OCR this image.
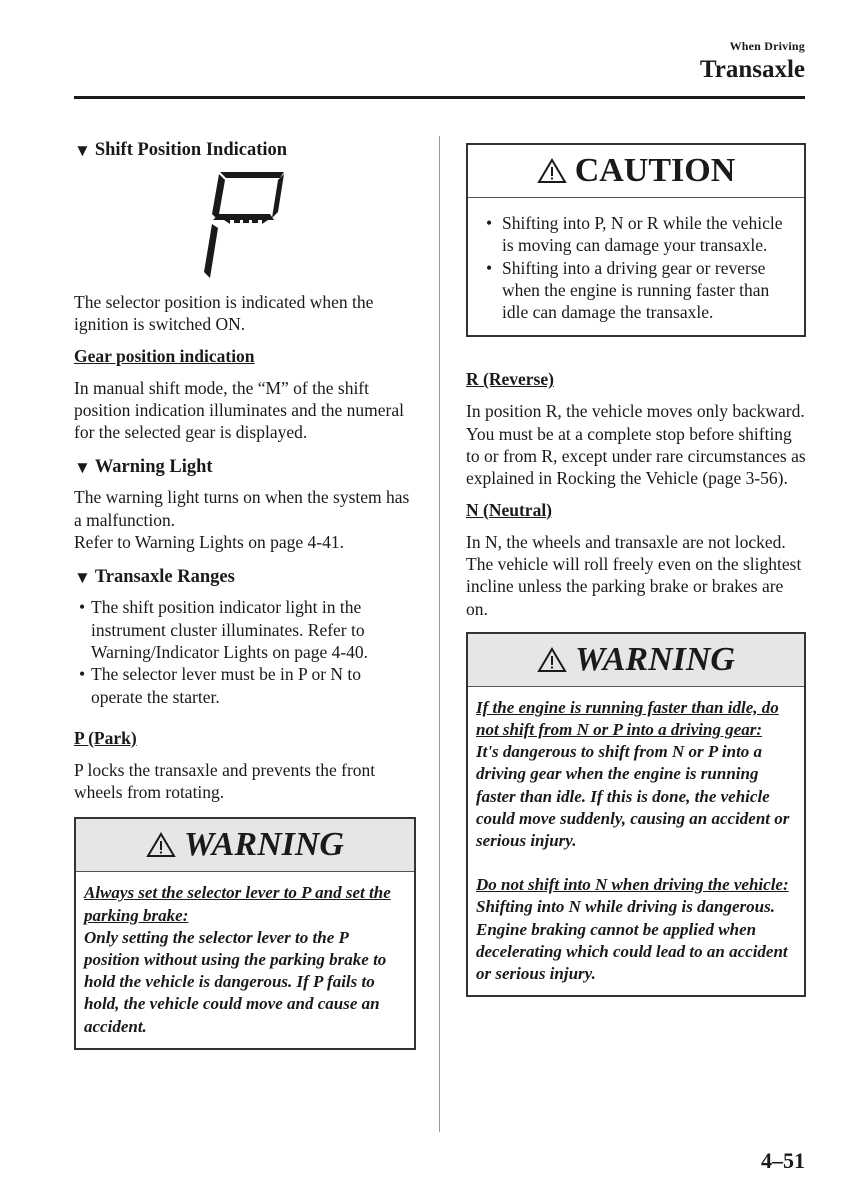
When Driving
Transaxle
▼ Shift Position Indication

The selector position is indicated when the ignition is switched ON.

Gear position indication

In manual shift mode, the “M” of the shift position indication illuminates and the numeral for the selected gear is displayed.

▼ Warning Light

The warning light turns on when the system has a malfunction.
Refer to Warning Lights on page 4-41.

▼ Transaxle Ranges
• The shift position indicator light in the instrument cluster illuminates. Refer to Warning/Indicator Lights on page 4-40.
• The selector lever must be in P or N to operate the starter.
P (Park)

P locks the transaxle and prevents the front wheels from rotating.

WARNING
Always set the selector lever to P and set the parking brake:
Only setting the selector lever to the P position without using the parking brake to hold the vehicle is dangerous. If P fails to hold, the vehicle could move and cause an accident.
CAUTION
• Shifting into P, N or R while the vehicle is moving can damage your transaxle.
• Shifting into a driving gear or reverse when the engine is running faster than idle can damage the transaxle.
R (Reverse)

In position R, the vehicle moves only backward. You must be at a complete stop before shifting to or from R, except under rare circumstances as explained in Rocking the Vehicle (page 3-56).

N (Neutral)

In N, the wheels and transaxle are not locked. The vehicle will roll freely even on the slightest incline unless the parking brake or brakes are on.

WARNING
If the engine is running faster than idle, do not shift from N or P into a driving gear:
It's dangerous to shift from N or P into a driving gear when the engine is running faster than idle. If this is done, the vehicle could move suddenly, causing an accident or serious injury.
Do not shift into N when driving the vehicle:
Shifting into N while driving is dangerous. Engine braking cannot be applied when decelerating which could lead to an accident or serious injury.
4–51
